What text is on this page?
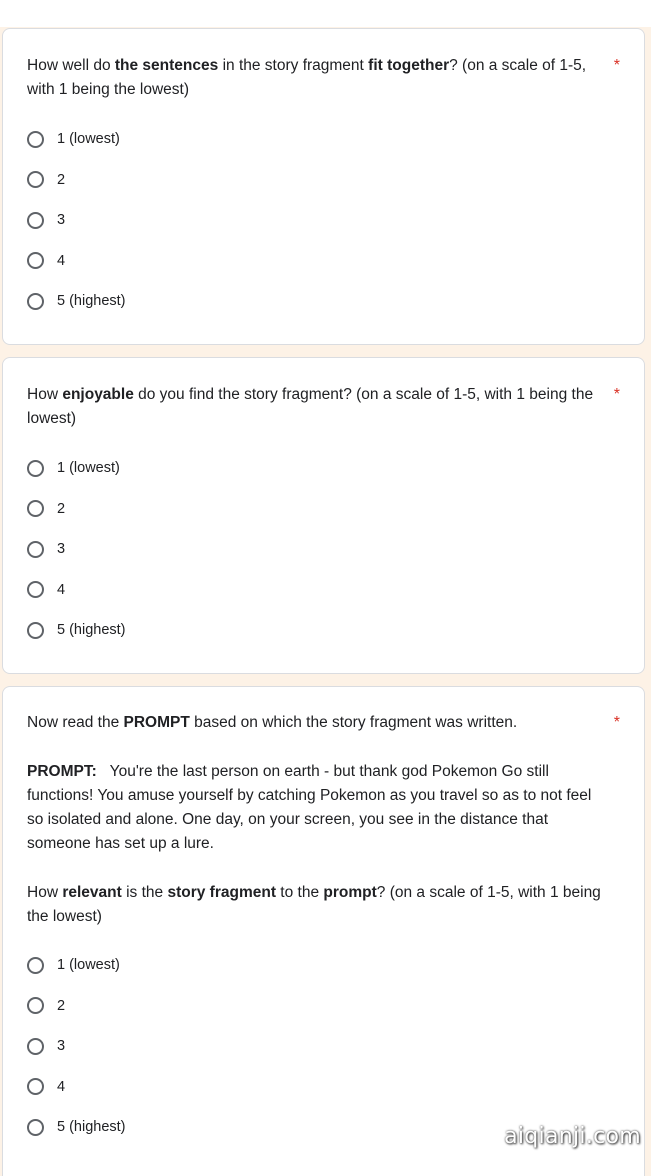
How well do the sentences in the story fragment fit together? (on a scale of 1-5, with 1 being the lowest)

*
1 (lowest)
2
3
4
5 (highest)

How enjoyable do you find the story fragment? (on a scale of 1-5, with 1 being the lowest)

*
1 (lowest)
2
3
4
5 (highest)

Now read the PROMPT based on which the story fragment was written.	*

PROMPT: You're the last person on earth - but thank god Pokemon Go still functions! You amuse yourself by catching Pokemon as you travel so as to not feel so isolated and alone. One day, on your screen, you see in the distance that someone has set up a lure.

How relevant is the story fragment to the prompt? (on a scale of 1-5, with 1 being the lowest)

1 (lowest)
2
3
4
5 (highest)	aiqianji.com
